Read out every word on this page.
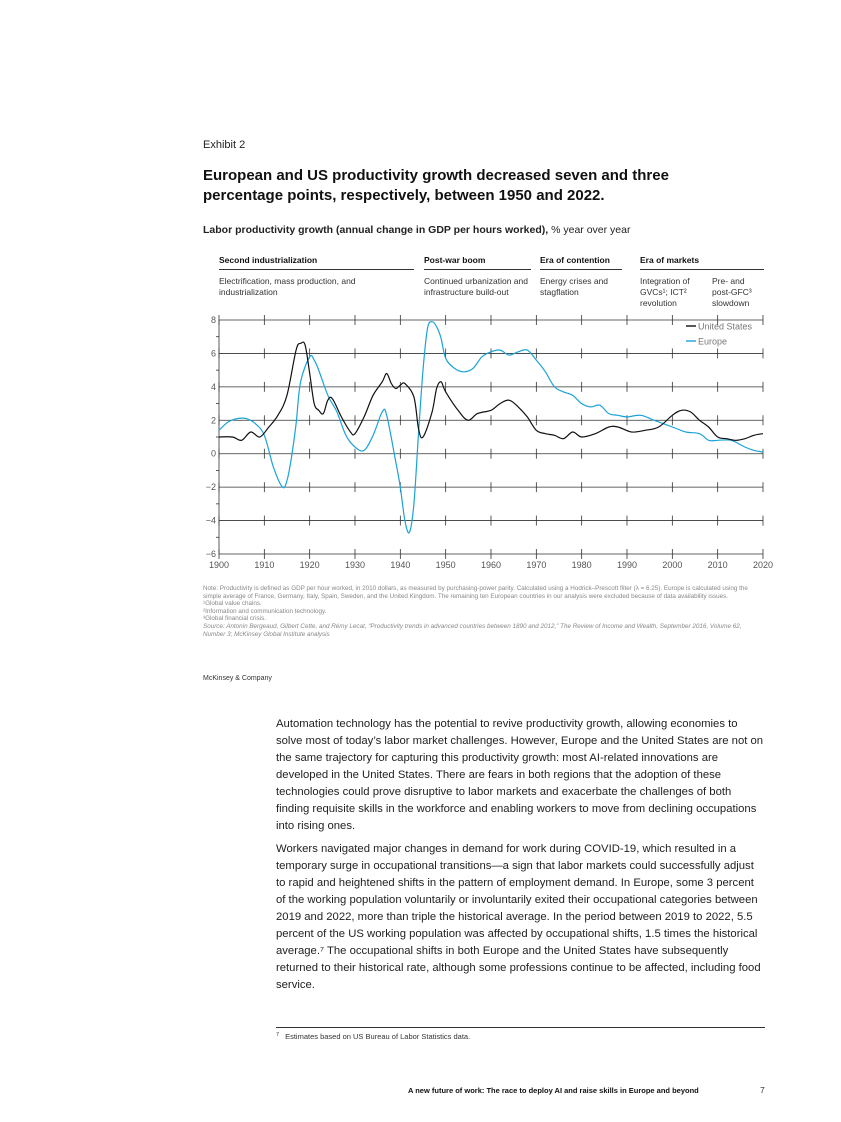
Exhibit 2
European and US productivity growth decreased seven and three percentage points, respectively, between 1950 and 2022.
Labor productivity growth (annual change in GDP per hours worked), % year over year
Second industrialization
Electrification, mass production, and industrialization
Post-war boom
Continued urbanization and infrastructure build-out
Era of contention
Energy crises and stagflation
Era of markets
Integration of GVCs¹; ICT² revolution
Pre- and post-GFC³ slowdown
8
6
4
2
0
−2
−4
−6
1900	1910	1920	1930	1940	1950	1960	1970	1980	1990	2000	2010	2020
United States
Europe
Note: Productivity is defined as GDP per hour worked, in 2010 dollars, as measured by purchasing-power parity. Calculated using a Hodrick–Prescott filter (λ = 6.25). Europe is calculated using the simple average of France, Germany, Italy, Spain, Sweden, and the United Kingdom. The remaining ten European countries in our analysis were excluded because of data availability issues.
¹Global value chains.
²Information and communication technology.
³Global financial crisis.
Source: Antonin Bergeaud, Gilbert Cette, and Rémy Lecat, “Productivity trends in advanced countries between 1890 and 2012,” The Review of Income and Wealth, September 2016, Volume 62, Number 3; McKinsey Global Institute analysis
McKinsey & Company

Automation technology has the potential to revive productivity growth, allowing economies to solve most of today’s labor market challenges. However, Europe and the United States are not on the same trajectory for capturing this productivity growth: most AI-related innovations are developed in the United States. There are fears in both regions that the adoption of these technologies could prove disruptive to labor markets and exacerbate the challenges of both finding requisite skills in the workforce and enabling workers to move from declining occupations into rising ones.

Workers navigated major changes in demand for work during COVID-19, which resulted in a temporary surge in occupational transitions—a sign that labor markets could successfully adjust to rapid and heightened shifts in the pattern of employment demand. In Europe, some 3 percent of the working population voluntarily or involuntarily exited their occupational categories between 2019 and 2022, more than triple the historical average. In the period between 2019 to 2022, 5.5 percent of the US working population was affected by occupational shifts, 1.5 times the historical average.⁷ The occupational shifts in both Europe and the United States have subsequently returned to their historical rate, although some professions continue to be affected, including food service.

$^7$ Estimates based on US Bureau of Labor Statistics data.
A new future of work: The race to deploy AI and raise skills in Europe and beyond	7
